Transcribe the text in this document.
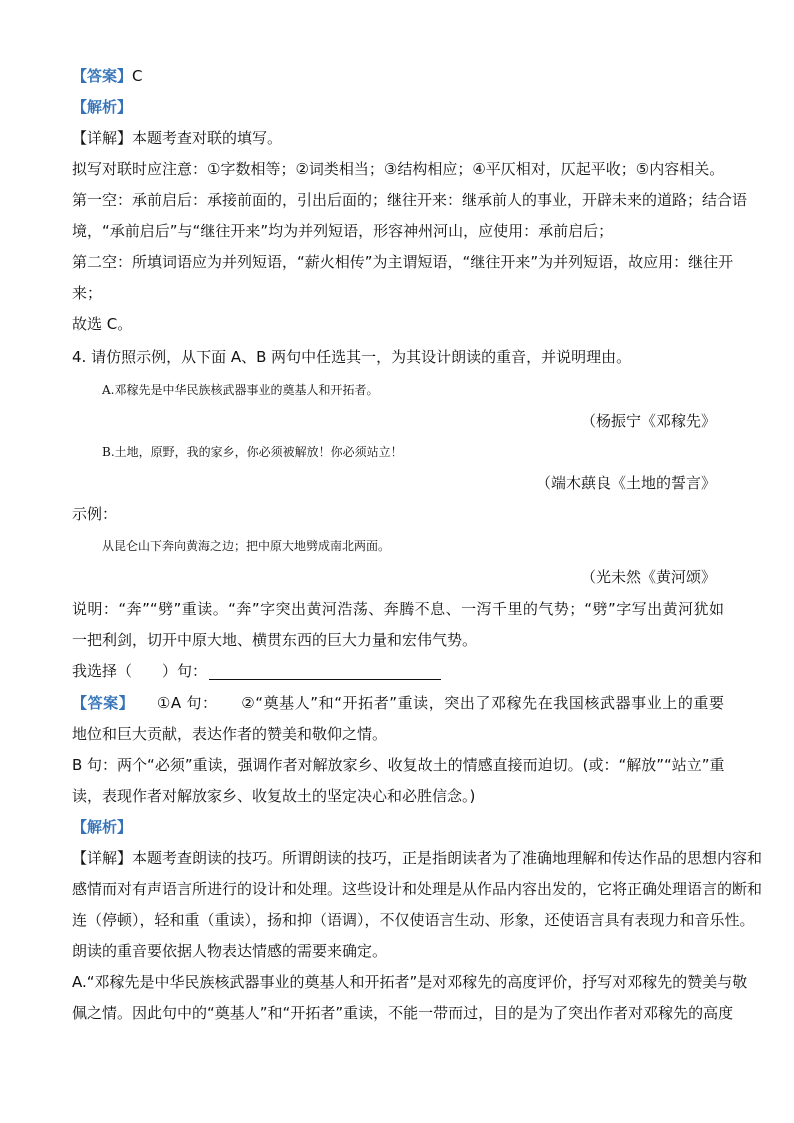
【答案】C
【解析】
【详解】本题考查对联的填写。
拟写对联时应注意：①字数相等；②词类相当；③结构相应；④平仄相对，仄起平收；⑤内容相关。
第一空：承前启后：承接前面的，引出后面的；继往开来：继承前人的事业，开辟未来的道路；结合语
境，“承前启后”与“继往开来”均为并列短语，形容神州河山，应使用：承前启后；
第二空：所填词语应为并列短语，“薪火相传”为主谓短语，“继往开来”为并列短语，故应用：继往开
来；
故选 C。
4. 请仿照示例，从下面 A、B 两句中任选其一，为其设计朗读的重音，并说明理由。
A.邓稼先是中华民族核武器事业的奠基人和开拓者。
（杨振宁《邓稼先》
B.土地，原野，我的家乡，你必须被解放！你必须站立！
（端木蕻良《土地的誓言》
示例：
从昆仑山下奔向黄海之边；把中原大地劈成南北两面。
（光未然《黄河颂》
说明：“奔”“劈”重读。“奔”字突出黄河浩荡、奔腾不息、一泻千里的气势；“劈”字写出黄河犹如
一把利剑，切开中原大地、横贯东西的巨大力量和宏伟气势。
我选择（　　）句：
【答案】 ①A 句：　　②“奠基人”和“开拓者”重读，突出了邓稼先在我国核武器事业上的重要
地位和巨大贡献，表达作者的赞美和敬仰之情。
B 句：两个“必须”重读，强调作者对解放家乡、收复故土的情感直接而迫切。(或：“解放”“站立”重
读，表现作者对解放家乡、收复故土的坚定决心和必胜信念。)
【解析】
【详解】本题考查朗读的技巧。所谓朗读的技巧，正是指朗读者为了准确地理解和传达作品的思想内容和
感情而对有声语言所进行的设计和处理。这些设计和处理是从作品内容出发的，它将正确处理语言的断和
连（停顿），轻和重（重读），扬和抑（语调），不仅使语言生动、形象，还使语言具有表现力和音乐性。
朗读的重音要依据人物表达情感的需要来确定。
A.“邓稼先是中华民族核武器事业的奠基人和开拓者”是对邓稼先的高度评价，抒写对邓稼先的赞美与敬
佩之情。因此句中的“奠基人”和“开拓者”重读，不能一带而过，目的是为了突出作者对邓稼先的高度
